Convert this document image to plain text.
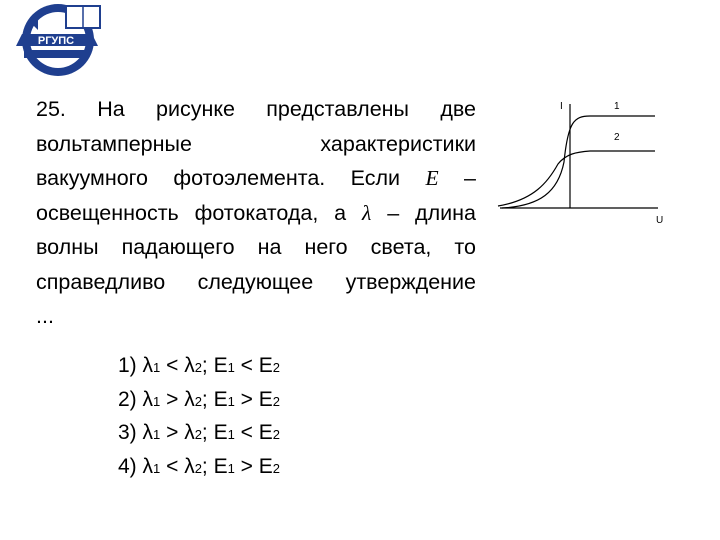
РГУПС
25. На рисунке представлены две
вольтамперные характеристики
вакуумного фотоэлемента. Если E –
освещенность фотокатода, а λ – длина
волны падающего на него света, то
справедливо следующее утверждение
...
I
U
1
2
1) λ1 < λ2; E1 < E2
2) λ1 > λ2; E1 > E2
3) λ1 > λ2; E1 < E2
4) λ1 < λ2; E1 > E2
